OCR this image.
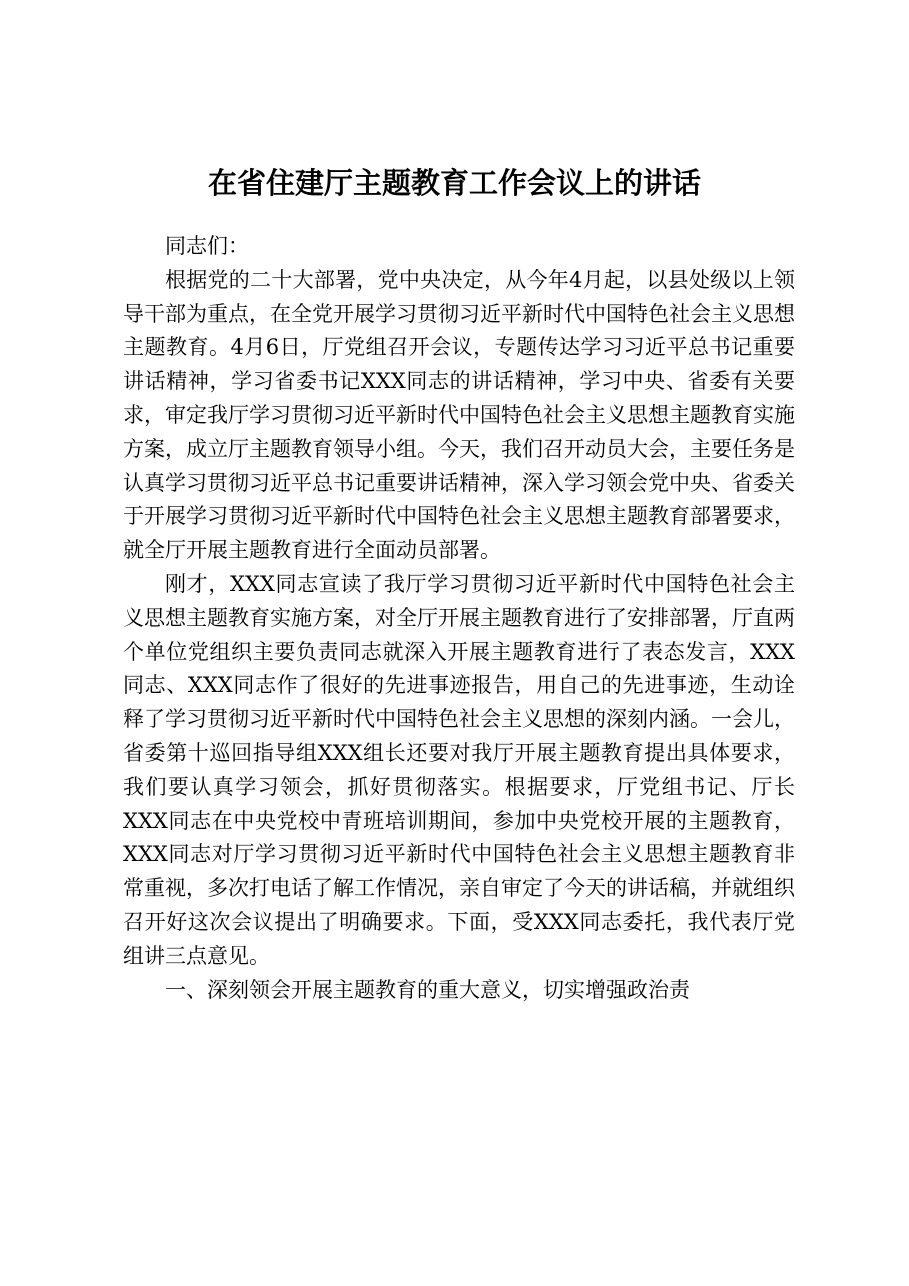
在省住建厅主题教育工作会议上的讲话

同志们：

根据党的二十大部署，党中央决定，从今年4月起，以县处级以上领导干部为重点，在全党开展学习贯彻习近平新时代中国特色社会主义思想主题教育。4月6日，厅党组召开会议，专题传达学习习近平总书记重要讲话精神，学习省委书记XXX同志的讲话精神，学习中央、省委有关要求，审定我厅学习贯彻习近平新时代中国特色社会主义思想主题教育实施方案，成立厅主题教育领导小组。今天，我们召开动员大会，主要任务是认真学习贯彻习近平总书记重要讲话精神，深入学习领会党中央、省委关于开展学习贯彻习近平新时代中国特色社会主义思想主题教育部署要求，就全厅开展主题教育进行全面动员部署。

刚才，XXX同志宣读了我厅学习贯彻习近平新时代中国特色社会主义思想主题教育实施方案，对全厅开展主题教育进行了安排部署，厅直两个单位党组织主要负责同志就深入开展主题教育进行了表态发言，XXX同志、XXX同志作了很好的先进事迹报告，用自己的先进事迹，生动诠释了学习贯彻习近平新时代中国特色社会主义思想的深刻内涵。一会儿，省委第十巡回指导组XXX组长还要对我厅开展主题教育提出具体要求，我们要认真学习领会，抓好贯彻落实。根据要求，厅党组书记、厅长XXX同志在中央党校中青班培训期间，参加中央党校开展的主题教育，XXX同志对厅学习贯彻习近平新时代中国特色社会主义思想主题教育非常重视，多次打电话了解工作情况，亲自审定了今天的讲话稿，并就组织召开好这次会议提出了明确要求。下面，受XXX同志委托，我代表厅党组讲三点意见。

一、深刻领会开展主题教育的重大意义，切实增强政治责
